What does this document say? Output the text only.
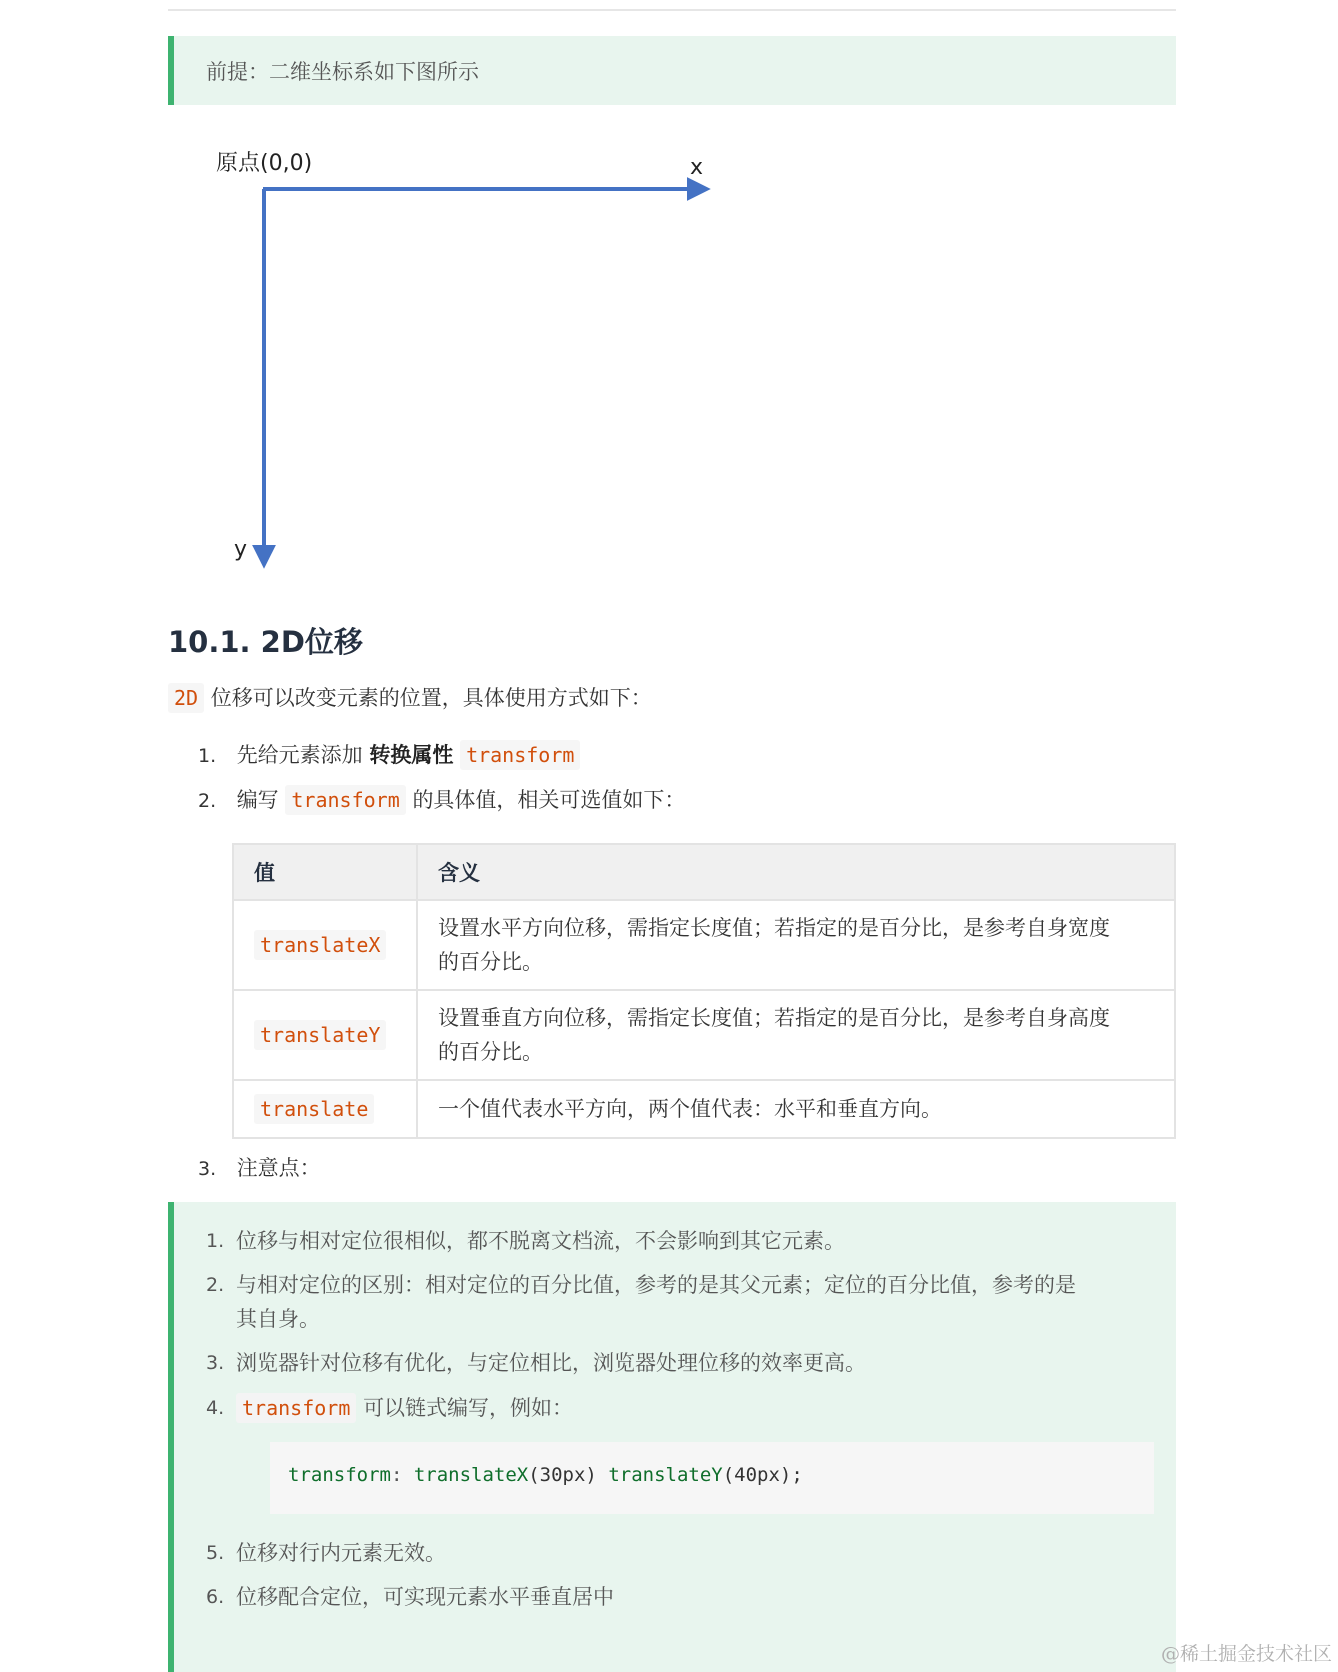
前提：二维坐标系如下图所示
原点(0,0)	x
y
10.1. 2D位移
2D 位移可以改变元素的位置，具体使用方式如下：
1. 先给元素添加 转换属性 transform
2. 编写 transform 的具体值，相关可选值如下：
值	含义
translateX	设置水平方向位移，需指定长度值；若指定的是百分比，是参考自身宽度
的百分比。
translateY	设置垂直方向位移，需指定长度值；若指定的是百分比，是参考自身高度
的百分比。
translate	一个值代表水平方向，两个值代表：水平和垂直方向。
3. 注意点：
1. 位移与相对定位很相似，都不脱离文档流，不会影响到其它元素。
2. 与相对定位的区别：相对定位的百分比值，参考的是其父元素；定位的百分比值，参考的是
其自身。
3. 浏览器针对位移有优化，与定位相比，浏览器处理位移的效率更高。
4. transform 可以链式编写，例如：
transform: translateX(30px) translateY(40px);
5. 位移对行内元素无效。
6. 位移配合定位，可实现元素水平垂直居中
@稀土掘金技术社区
